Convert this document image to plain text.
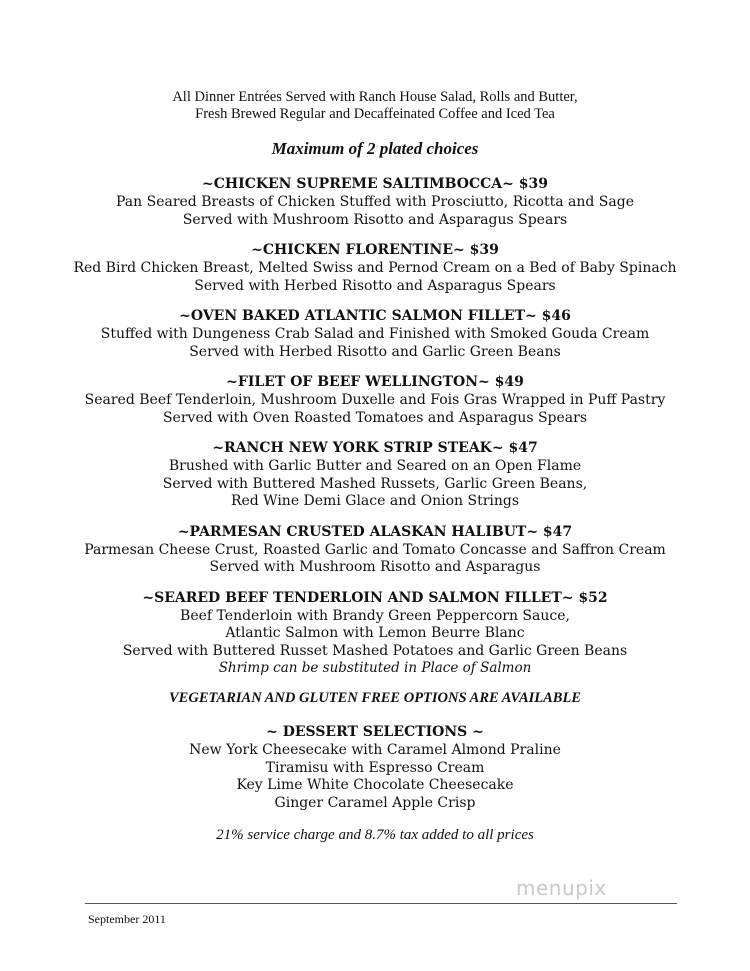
All Dinner Entrées Served with Ranch House Salad, Rolls and Butter,
Fresh Brewed Regular and Decaffeinated Coffee and Iced Tea
Maximum of 2 plated choices
~CHICKEN SUPREME SALTIMBOCCA~ $39
Pan Seared Breasts of Chicken Stuffed with Prosciutto, Ricotta and Sage
Served with Mushroom Risotto and Asparagus Spears
~CHICKEN FLORENTINE~ $39
Red Bird Chicken Breast, Melted Swiss and Pernod Cream on a Bed of Baby Spinach
Served with Herbed Risotto and Asparagus Spears
~OVEN BAKED ATLANTIC SALMON FILLET~ $46
Stuffed with Dungeness Crab Salad and Finished with Smoked Gouda Cream
Served with Herbed Risotto and Garlic Green Beans
~FILET OF BEEF WELLINGTON~ $49
Seared Beef Tenderloin, Mushroom Duxelle and Fois Gras Wrapped in Puff Pastry
Served with Oven Roasted Tomatoes and Asparagus Spears
~RANCH NEW YORK STRIP STEAK~ $47
Brushed with Garlic Butter and Seared on an Open Flame
Served with Buttered Mashed Russets, Garlic Green Beans,
Red Wine Demi Glace and Onion Strings
~PARMESAN CRUSTED ALASKAN HALIBUT~ $47
Parmesan Cheese Crust, Roasted Garlic and Tomato Concasse and Saffron Cream
Served with Mushroom Risotto and Asparagus
~SEARED BEEF TENDERLOIN AND SALMON FILLET~ $52
Beef Tenderloin with Brandy Green Peppercorn Sauce,
Atlantic Salmon with Lemon Beurre Blanc
Served with Buttered Russet Mashed Potatoes and Garlic Green Beans
Shrimp can be substituted in Place of Salmon
VEGETARIAN AND GLUTEN FREE OPTIONS ARE AVAILABLE
~ DESSERT SELECTIONS ~
New York Cheesecake with Caramel Almond Praline
Tiramisu with Espresso Cream
Key Lime White Chocolate Cheesecake
Ginger Caramel Apple Crisp
21% service charge and 8.7% tax added to all prices
menupix
September 2011
